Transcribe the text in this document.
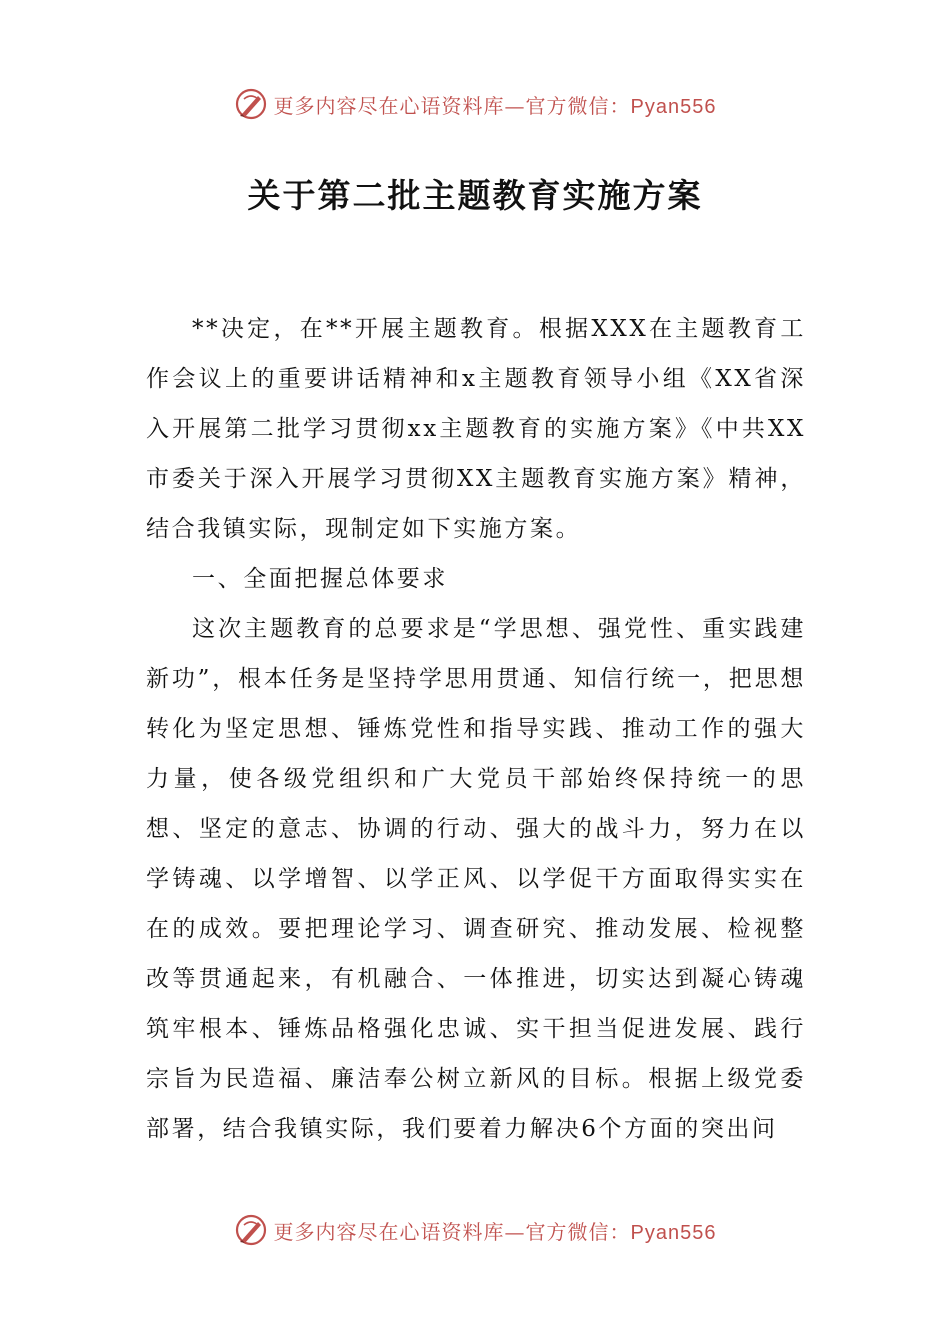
更多内容尽在心语资料库—官方微信：Pyan556
关于第二批主题教育实施方案

**决定，在**开展主题教育。根据XXX在主题教育工作会议上的重要讲话精神和x主题教育领导小组《XX省深入开展第二批学习贯彻xx主题教育的实施方案》《中共XX市委关于深入开展学习贯彻XX主题教育实施方案》精神，结合我镇实际，现制定如下实施方案。

一、全面把握总体要求

这次主题教育的总要求是“学思想、强党性、重实践建新功”，根本任务是坚持学思用贯通、知信行统一，把思想转化为坚定思想、锤炼党性和指导实践、推动工作的强大力量，使各级党组织和广大党员干部始终保持统一的思想、坚定的意志、协调的行动、强大的战斗力，努力在以学铸魂、以学增智、以学正风、以学促干方面取得实实在在的成效。要把理论学习、调查研究、推动发展、检视整改等贯通起来，有机融合、一体推进，切实达到凝心铸魂筑牢根本、锤炼品格强化忠诚、实干担当促进发展、践行宗旨为民造福、廉洁奉公树立新风的目标。根据上级党委部署，结合我镇实际，我们要着力解决6个方面的突出问

更多内容尽在心语资料库—官方微信：Pyan556
